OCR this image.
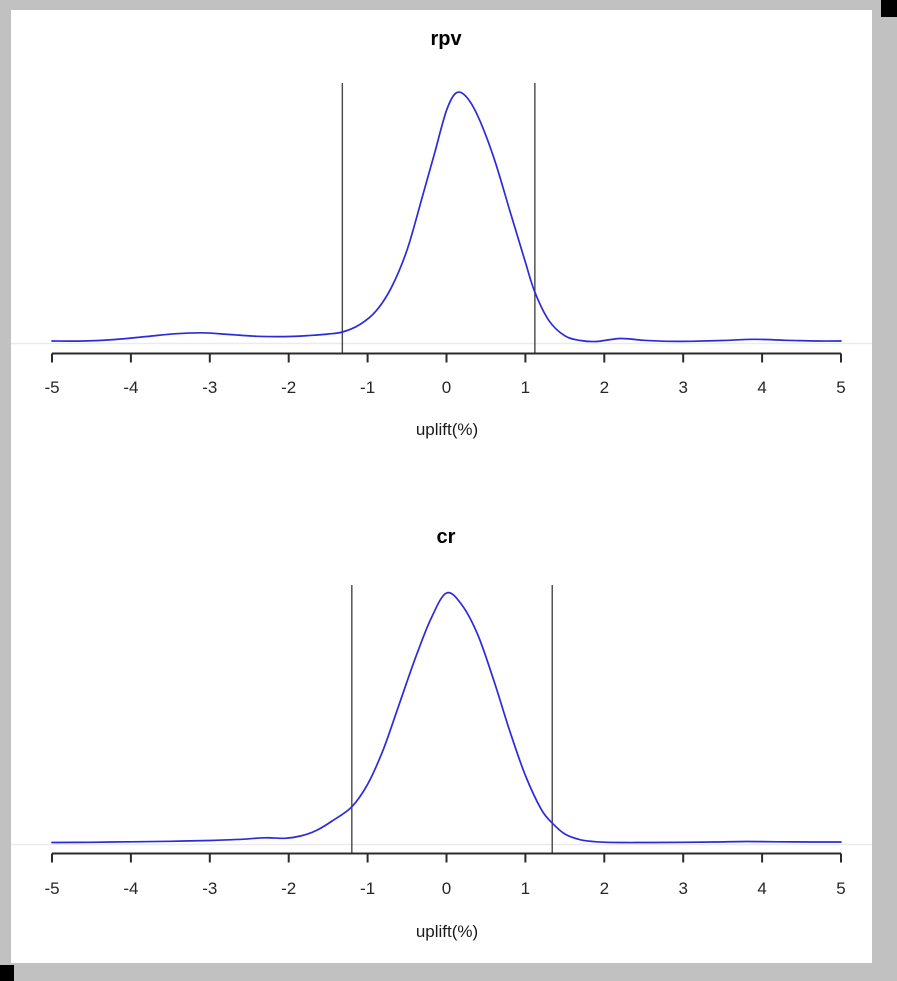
-5	-4	-3	-2	-1	0	1	2	3	4	5
-5	-4	-3	-2	-1	0	1	2	3	4	5
rpv
uplift(%)
cr
uplift(%)
